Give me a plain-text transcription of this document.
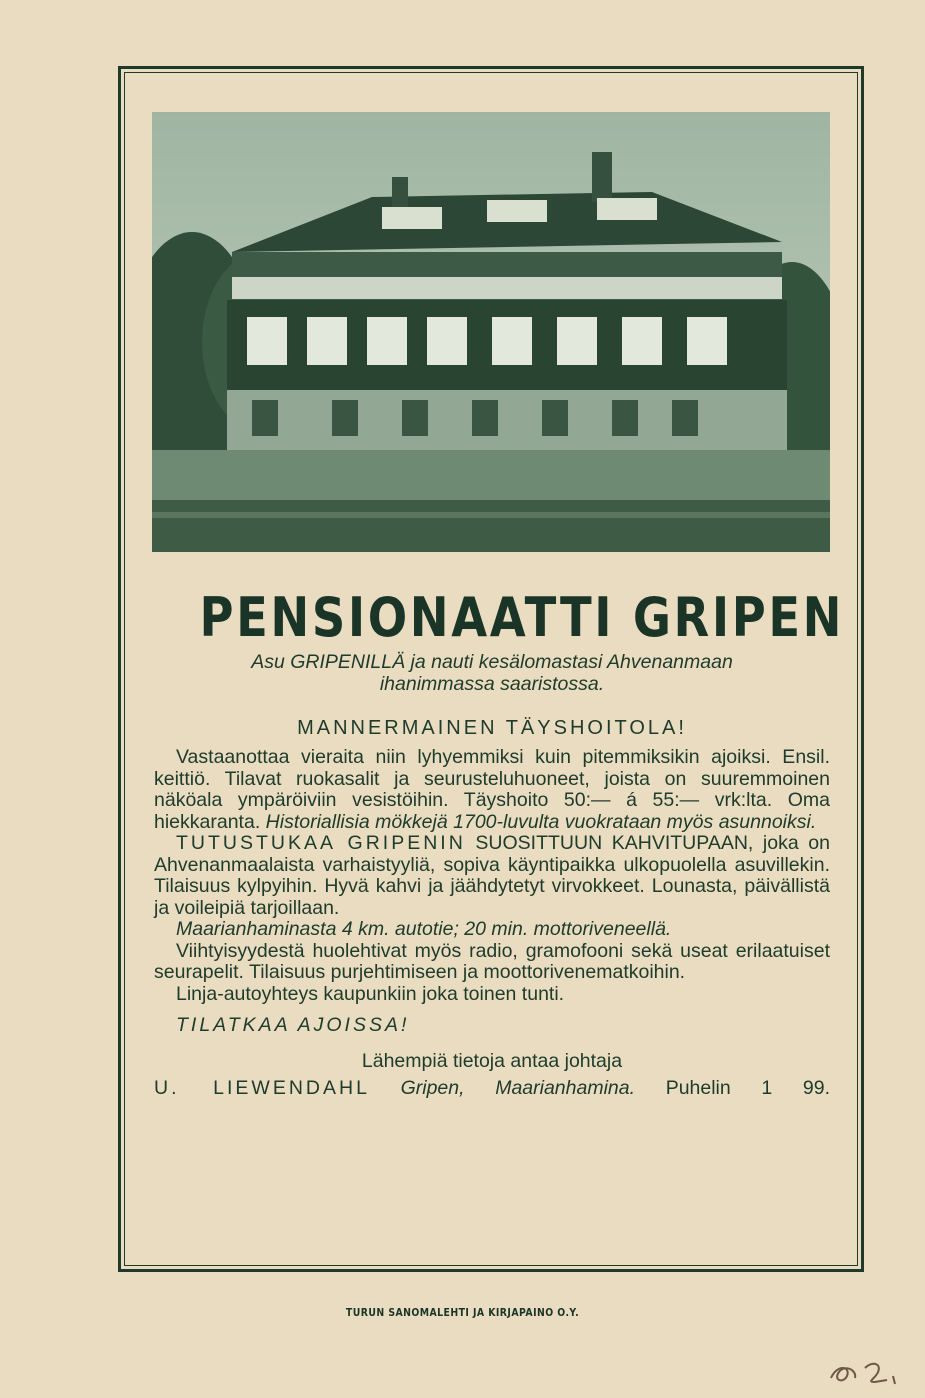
PENSIONAATTI GRIPEN
Asu GRIPENILLÄ ja nauti kesälomastasi Ahvenanmaan
ihanimmassa saaristossa.
MANNERMAINEN TÄYSHOITOLA!

Vastaanottaa vieraita niin lyhyemmiksi kuin pitemmiksikin ajoiksi. Ensil. keittiö. Tilavat ruokasalit ja seurusteluhuoneet, joista on suuremmoinen näköala ympäröiviin vesistöihin. Täyshoito 50:— á 55:— vrk:lta. Oma hiekkaranta. Historiallisia mökkejä 1700-luvulta vuokrataan myös asunnoiksi.

TUTUSTUKAA GRIPENIN SUOSITTUUN KAHVITUPAAN, joka on Ahvenanmaalaista varhaistyyliä, sopiva käyntipaikka ulkopuolella asuvillekin. Tilaisuus kylpyihin. Hyvä kahvi ja jäähdytetyt virvokkeet. Lounasta, päivällistä ja voileipiä tarjoillaan.

Maarianhaminasta 4 km. autotie; 20 min. mottoriveneellä.

Viihtyisyydestä huolehtivat myös radio, gramofooni sekä useat erilaatuiset seurapelit. Tilaisuus purjehtimiseen ja moottorivenematkoihin.

Linja-autoyhteys kaupunkiin joka toinen tunti.

TILATKAA AJOISSA!

Lähempiä tietoja antaa johtaja

U. LIEWENDAHL Gripen, Maarianhamina. Puhelin 1 99.

TURUN SANOMALEHTI JA KIRJAPAINO O.Y.
